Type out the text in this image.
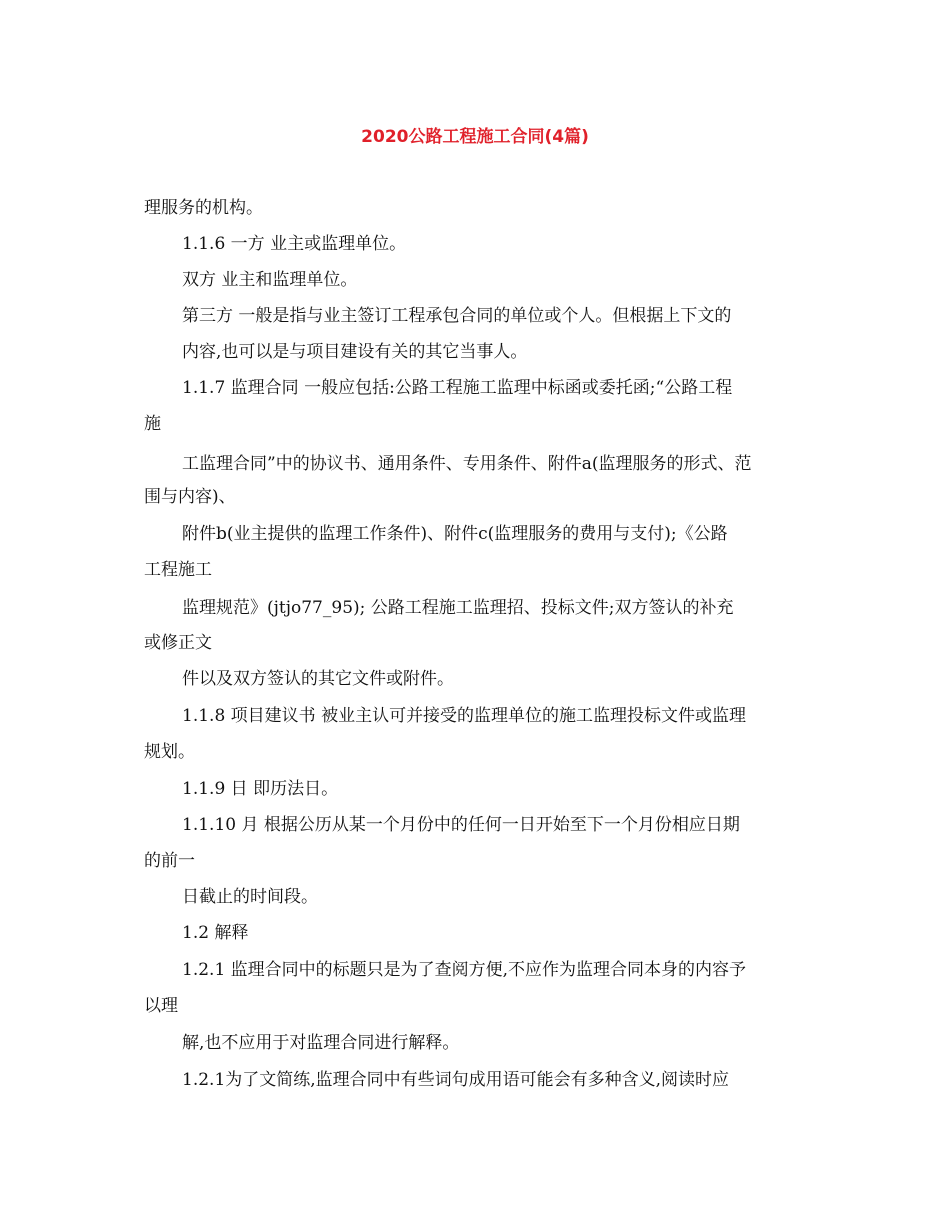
2020公路工程施工合同(4篇)

理服务的机构。

1.1.6 一方 业主或监理单位。

双方 业主和监理单位。

第三方 一般是指与业主签订工程承包合同的单位或个人。但根据上下文的

内容,也可以是与项目建设有关的其它当事人。

1.1.7 监理合同 一般应包括:公路工程施工监理中标函或委托函;“公路工程

施

工监理合同”中的协议书、通用条件、专用条件、附件a(监理服务的形式、范

围与内容)、

附件b(业主提供的监理工作条件)、附件c(监理服务的费用与支付);《公路

工程施工

监理规范》(jtjo77_95); 公路工程施工监理招、投标文件;双方签认的补充

或修正文

件以及双方签认的其它文件或附件。

1.1.8 项目建议书 被业主认可并接受的监理单位的施工监理投标文件或监理

规划。

1.1.9 日 即历法日。

1.1.10 月 根据公历从某一个月份中的任何一日开始至下一个月份相应日期

的前一

日截止的时间段。

1.2 解释

1.2.1 监理合同中的标题只是为了查阅方便,不应作为监理合同本身的内容予

以理

解,也不应用于对监理合同进行解释。

1.2.1为了文简练,监理合同中有些词句成用语可能会有多种含义,阅读时应
